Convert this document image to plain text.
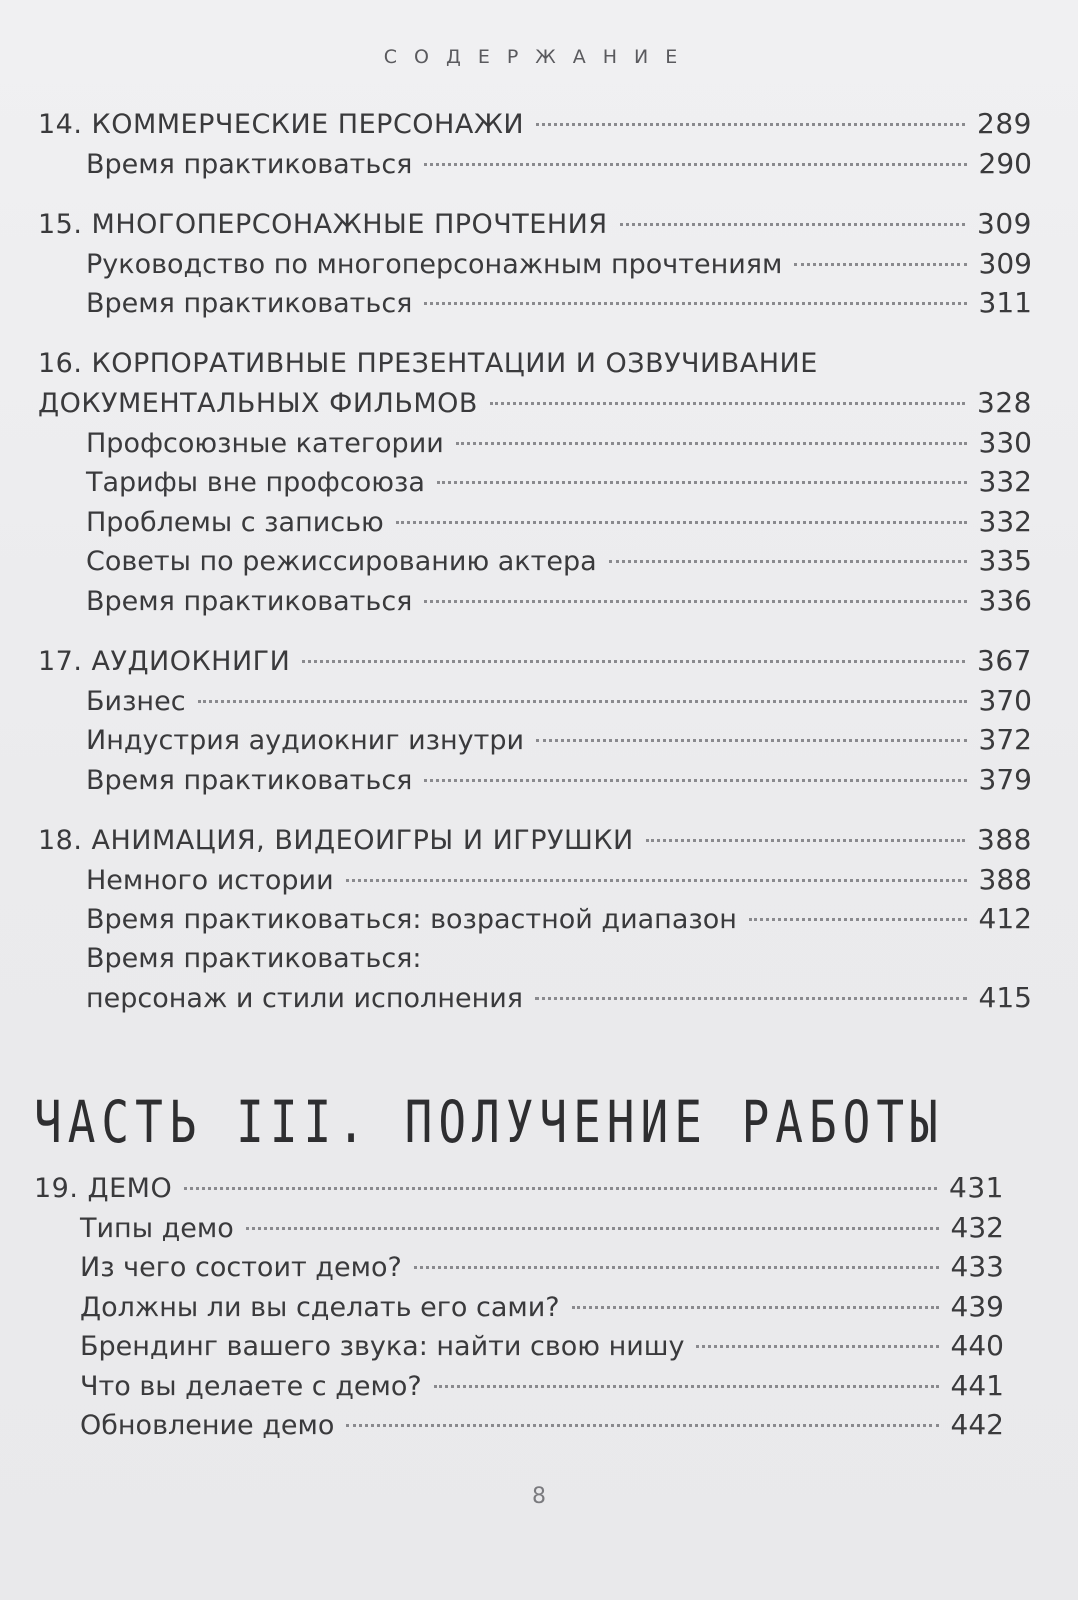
СОДЕРЖАНИЕ
14. КОММЕРЧЕСКИЕ ПЕРСОНАЖИ	289
Время практиковаться	290
15. МНОГОПЕРСОНАЖНЫЕ ПРОЧТЕНИЯ	309
Руководство по многоперсонажным прочтениям	309
Время практиковаться	311
16. КОРПОРАТИВНЫЕ ПРЕЗЕНТАЦИИ И ОЗВУЧИВАНИЕ
ДОКУМЕНТАЛЬНЫХ ФИЛЬМОВ	328
Профсоюзные категории	330
Тарифы вне профсоюза	332
Проблемы с записью	332
Советы по режиссированию актера	335
Время практиковаться	336
17. АУДИОКНИГИ	367
Бизнес	370
Индустрия аудиокниг изнутри	372
Время практиковаться	379
18. АНИМАЦИЯ, ВИДЕОИГРЫ И ИГРУШКИ	388
Немного истории	388
Время практиковаться: возрастной диапазон	412
Время практиковаться:
персонаж и стили исполнения	415
ЧАСТЬ III. ПОЛУЧЕНИЕ РАБОТЫ
19. ДЕМО	431
Типы демо	432
Из чего состоит демо?	433
Должны ли вы сделать его сами?	439
Брендинг вашего звука: найти свою нишу	440
Что вы делаете с демо?	441
Обновление демо	442
8
